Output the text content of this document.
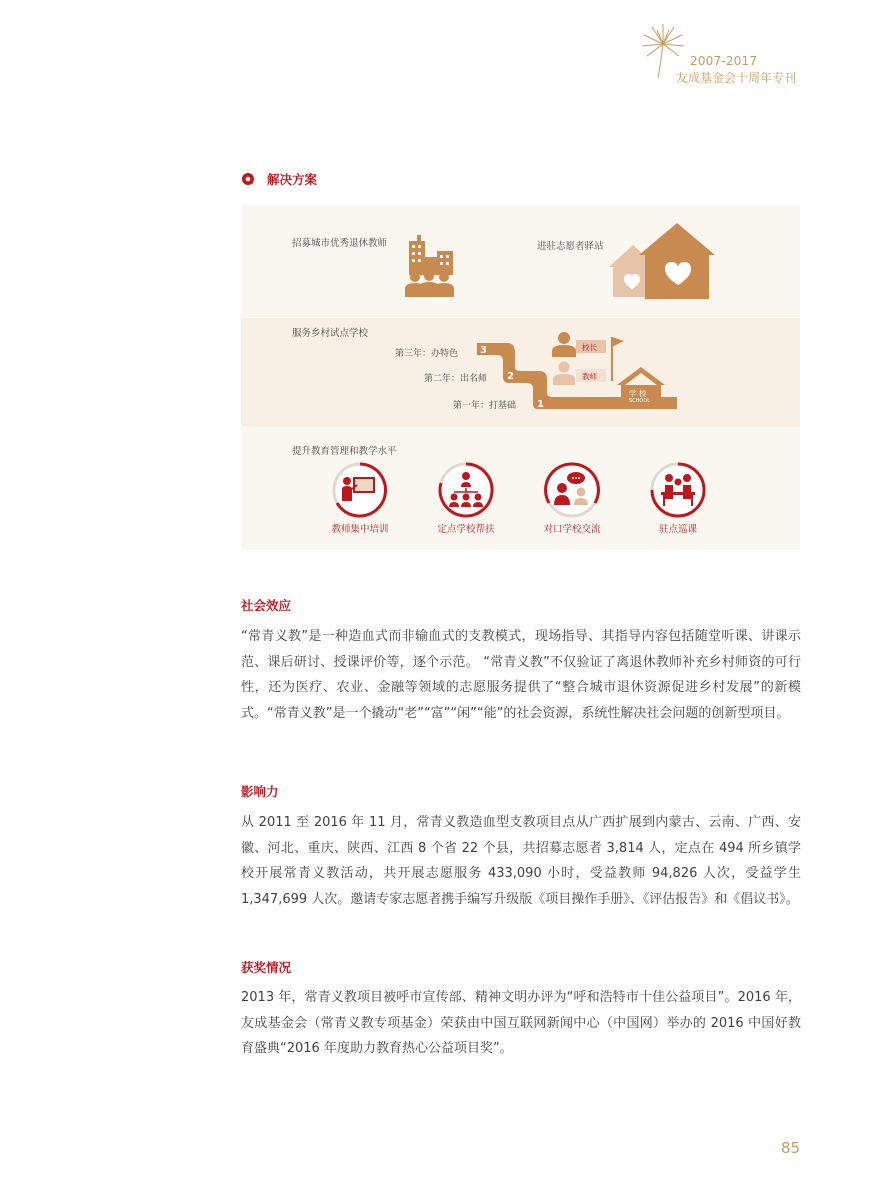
2007-2017
友成基金会十周年专刊
解决方案
招募城市优秀退休教师	进驻志愿者驿站
服务乡村试点学校
第三年：办特色
第二年：出名师
第一年：打基础
3
2
1
校长
教师
学 校
SCHOOL
提升教育管理和教学水平
教师集中培训	定点学校帮扶	对口学校交流	驻点巡课
社会效应

“常青义教”是一种造血式而非输血式的支教模式，现场指导、其指导内容包括随堂听课、讲课示范、课后研讨、授课评价等，逐个示范。 “常青义教”不仅验证了离退休教师补充乡村师资的可行性，还为医疗、农业、金融等领域的志愿服务提供了“整合城市退休资源促进乡村发展”的新模式。“常青义教”是一个撬动“老”“富”“闲”“能”的社会资源，系统性解决社会问题的创新型项目。

影响力

从 2011 至 2016 年 11 月，常青义教造血型支教项目点从广西扩展到内蒙古、云南、广西、安徽、河北、重庆、陕西、江西 8 个省 22 个县，共招募志愿者 3,814 人，定点在 494 所乡镇学校开展常青义教活动，共开展志愿服务 433,090 小时，受益教师 94,826 人次，受益学生 1,347,699 人次。邀请专家志愿者携手编写升级版《项目操作手册》、《评估报告》和《倡议书》。

获奖情况

2013 年，常青义教项目被呼市宣传部、精神文明办评为“呼和浩特市十佳公益项目”。2016 年，友成基金会（常青义教专项基金）荣获由中国互联网新闻中心（中国网）举办的 2016 中国好教育盛典“2016 年度助力教育热心公益项目奖”。

85
